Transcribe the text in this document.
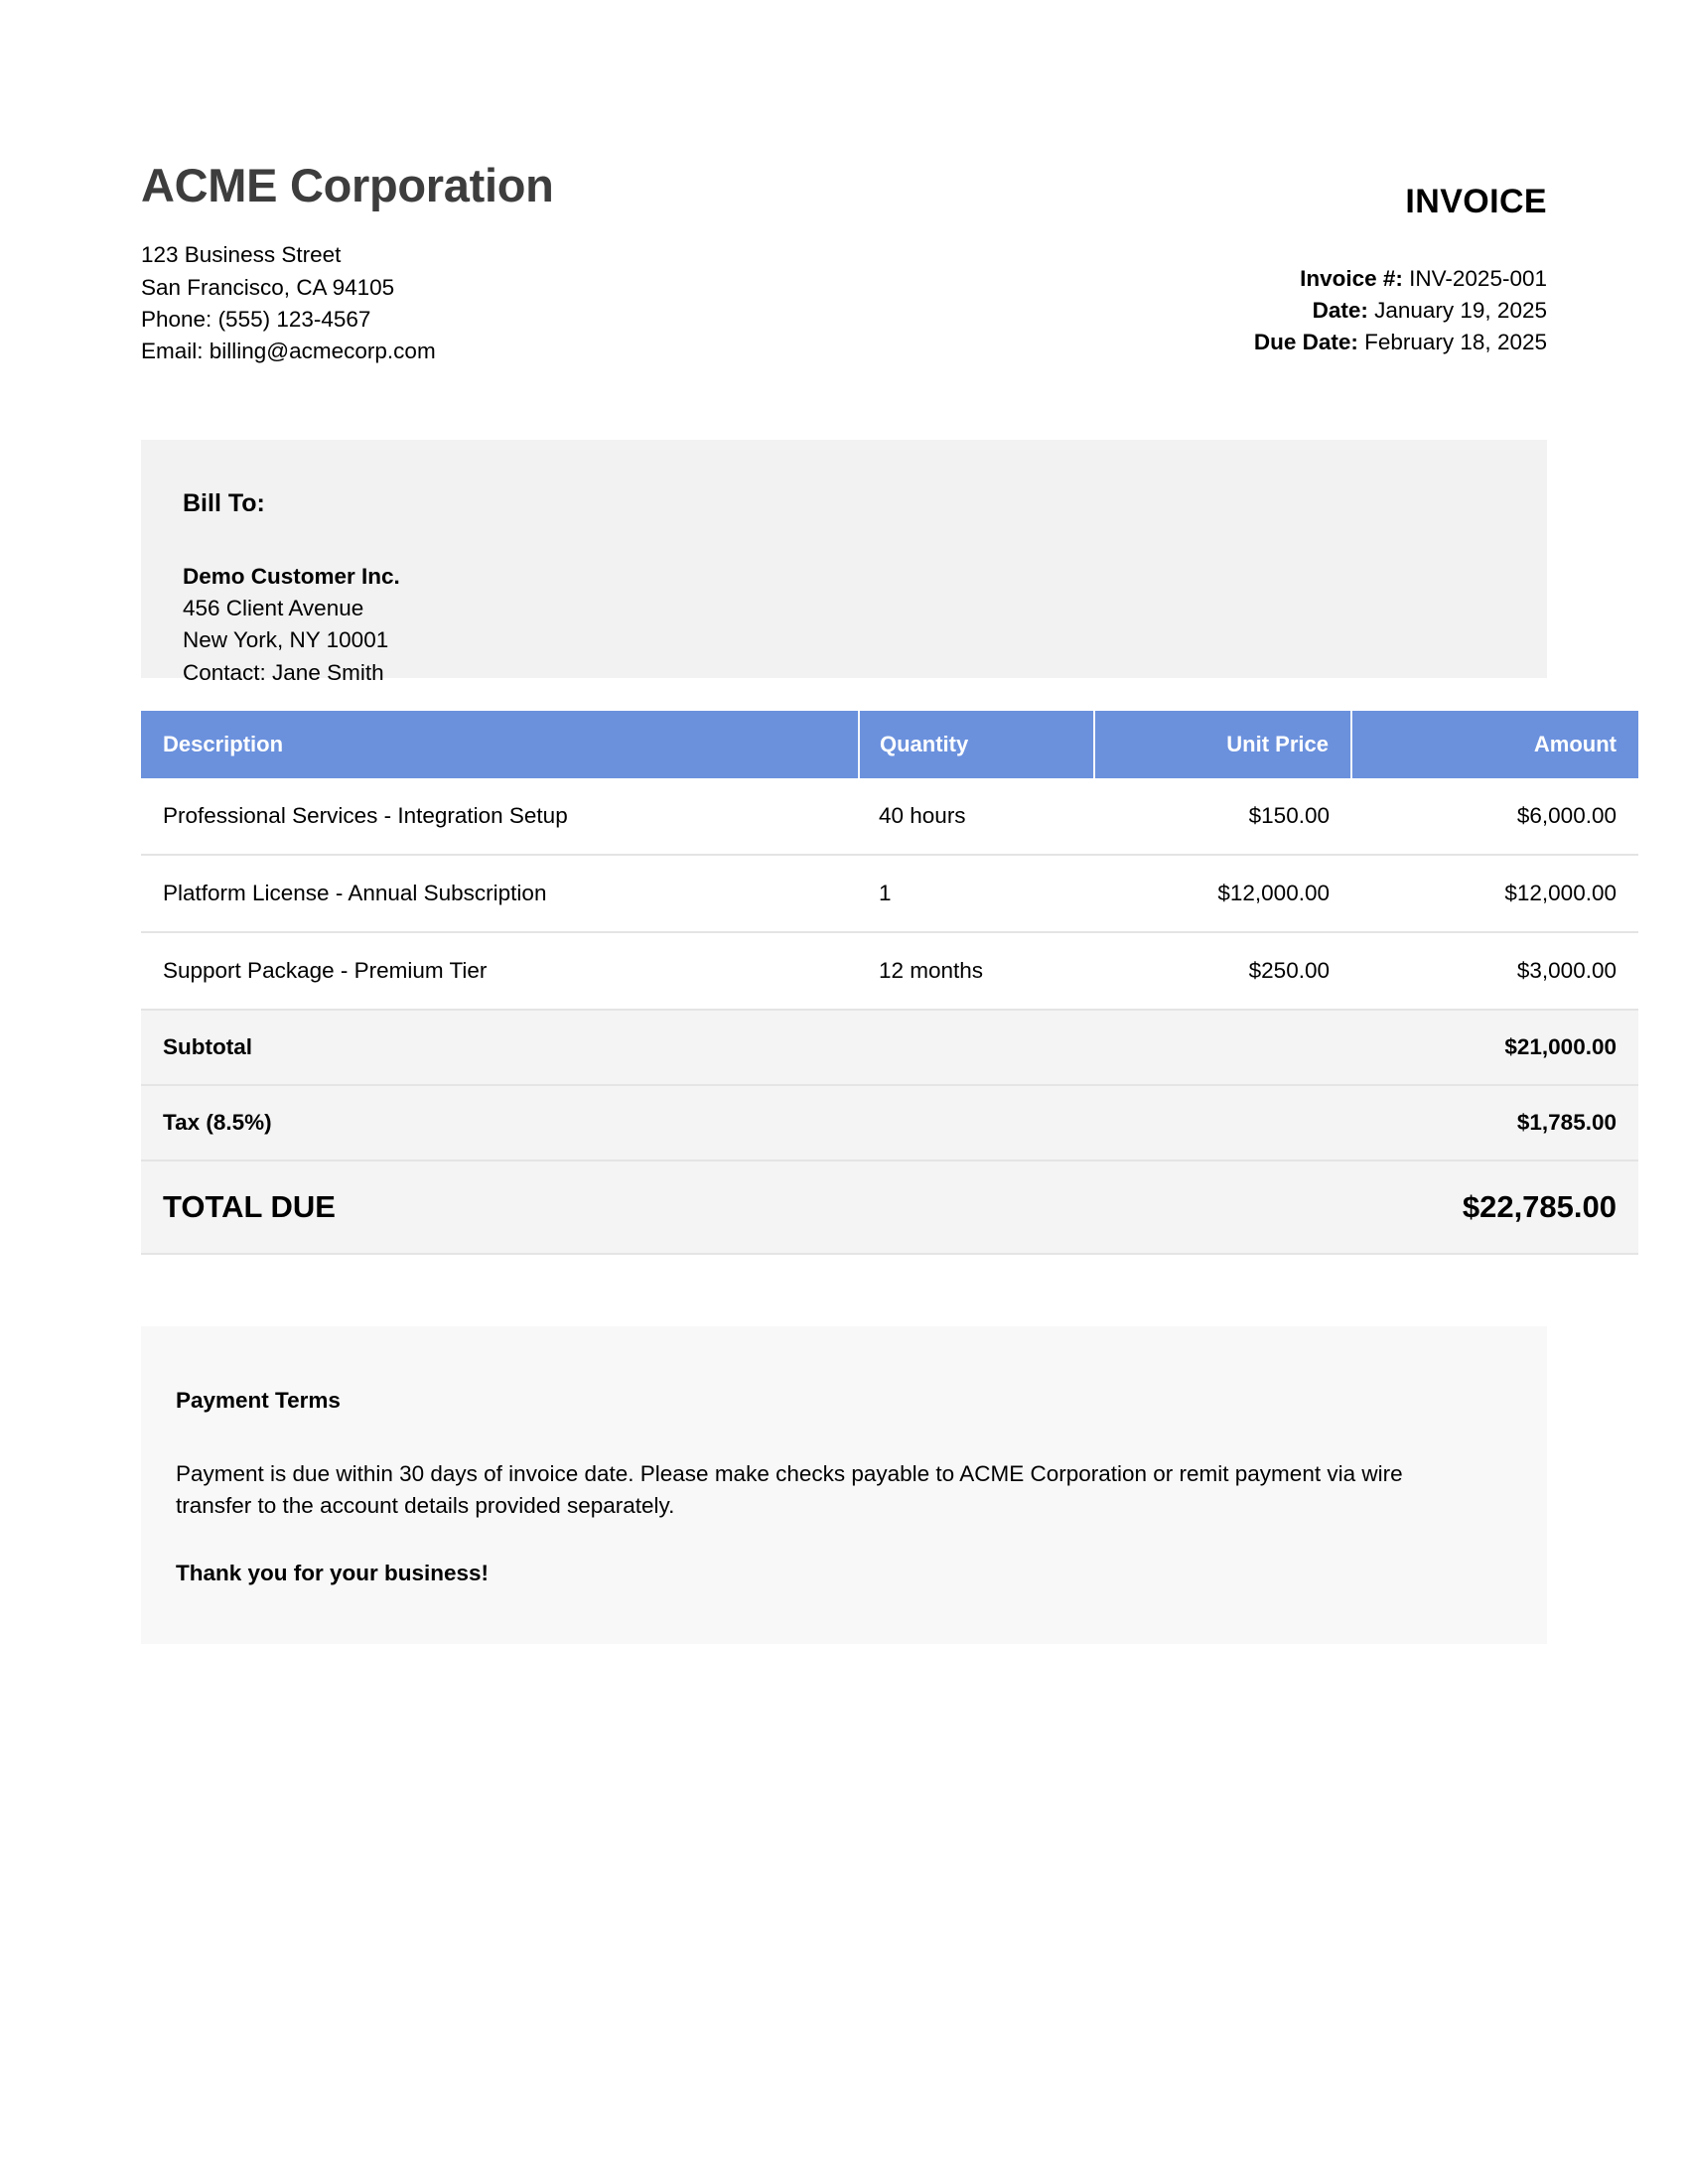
ACME Corporation
123 Business Street
San Francisco, CA 94105
Phone: (555) 123-4567
Email: billing@acmecorp.com
INVOICE
Invoice #: INV-2025-001
Date: January 19, 2025
Due Date: February 18, 2025
Bill To:
Demo Customer Inc.
456 Client Avenue
New York, NY 10001
Contact: Jane Smith
Description	Quantity	Unit Price	Amount
Professional Services - Integration Setup	40 hours	$150.00	$6,000.00
Platform License - Annual Subscription	1	$12,000.00	$12,000.00
Support Package - Premium Tier	12 months	$250.00	$3,000.00
Subtotal			$21,000.00
Tax (8.5%)			$1,785.00
TOTAL DUE			$22,785.00
Payment Terms

Payment is due within 30 days of invoice date. Please make checks payable to ACME Corporation or remit payment via wire transfer to the account details provided separately.

Thank you for your business!
